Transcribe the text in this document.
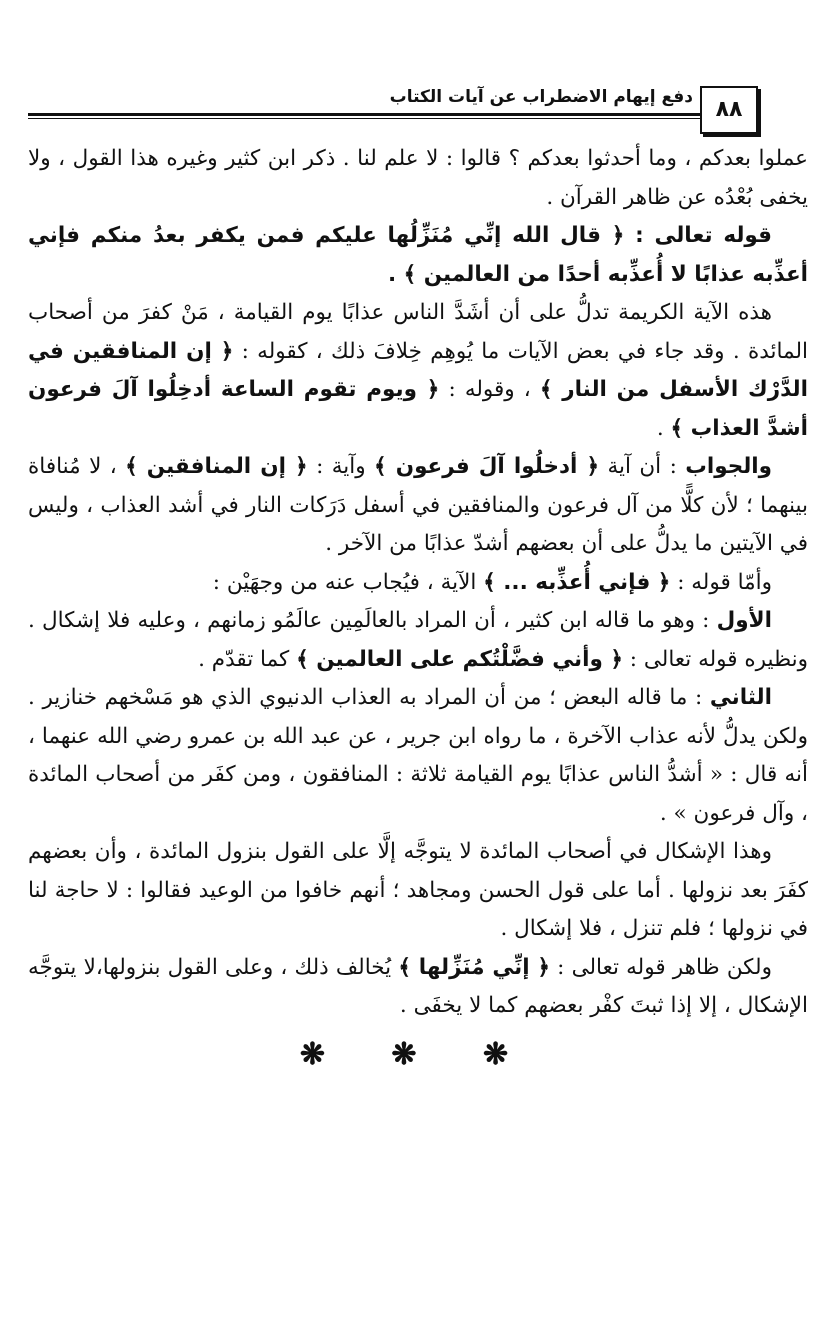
دفع إيهام الاضطراب عن آيات الكتاب	٨٨

عملوا بعدكم ، وما أحدثوا بعدكم ؟ قالوا : لا علم لنا . ذكر ابن كثير وغيره هذا القول ، ولا يخفى بُعْدُه عن ظاهر القرآن .

قوله تعالى : ﴿ قال الله إنِّي مُنَزِّلُها عليكم فمن يكفر بعدُ منكم فإني أعذِّبه عذابًا لا أُعذِّبه أحدًا من العالمين ﴾ .

هذه الآية الكريمة تدلُّ على أن أشَدَّ الناس عذابًا يوم القيامة ، مَنْ كفرَ من أصحاب المائدة . وقد جاء في بعض الآيات ما يُوهِم خِلافَ ذلك ، كقوله : ﴿ إن المنافقين في الدَّرْك الأسفل من النار ﴾ ، وقوله : ﴿ ويوم تقوم الساعة أدخِلُوا آلَ فرعون أشدَّ العذاب ﴾ .

والجواب : أن آية ﴿ أدخلُوا آلَ فرعون ﴾ وآية : ﴿ إن المنافقين ﴾ ، لا مُنافاة بينهما ؛ لأن كلًّا من آل فرعون والمنافقين في أسفل دَرَكات النار في أشد العذاب ، وليس في الآيتين ما يدلُّ على أن بعضهم أشدّ عذابًا من الآخر .

وأمّا قوله : ﴿ فإني أُعذِّبه ... ﴾ الآية ، فيُجاب عنه من وجهَيْن :

الأول : وهو ما قاله ابن كثير ، أن المراد بالعالَمِين عالَمُو زمانهم ، وعليه فلا إشكال . ونظيره قوله تعالى : ﴿ وأني فضَّلْتُكم على العالمين ﴾ كما تقدّم .

الثاني : ما قاله البعض ؛ من أن المراد به العذاب الدنيوي الذي هو مَسْخهم خنازير . ولكن يدلُّ لأنه عذاب الآخرة ، ما رواه ابن جرير ، عن عبد الله بن عمرو رضي الله عنهما ، أنه قال : « أشدُّ الناس عذابًا يوم القيامة ثلاثة : المنافقون ، ومن كفَر من أصحاب المائدة ، وآل فرعون » .

وهذا الإشكال في أصحاب المائدة لا يتوجَّه إلَّا على القول بنزول المائدة ، وأن بعضهم كفَرَ بعد نزولها . أما على قول الحسن ومجاهد ؛ أنهم خافوا من الوعيد فقالوا : لا حاجة لنا في نزولها ؛ فلم تنزل ، فلا إشكال .

ولكن ظاهر قوله تعالى : ﴿ إنِّي مُنَزِّلها ﴾ يُخالف ذلك ، وعلى القول بنزولها،لا يتوجَّه الإشكال ، إلا إذا ثبتَ كفْر بعضهم كما لا يخفَى .

❋ ❋ ❋
